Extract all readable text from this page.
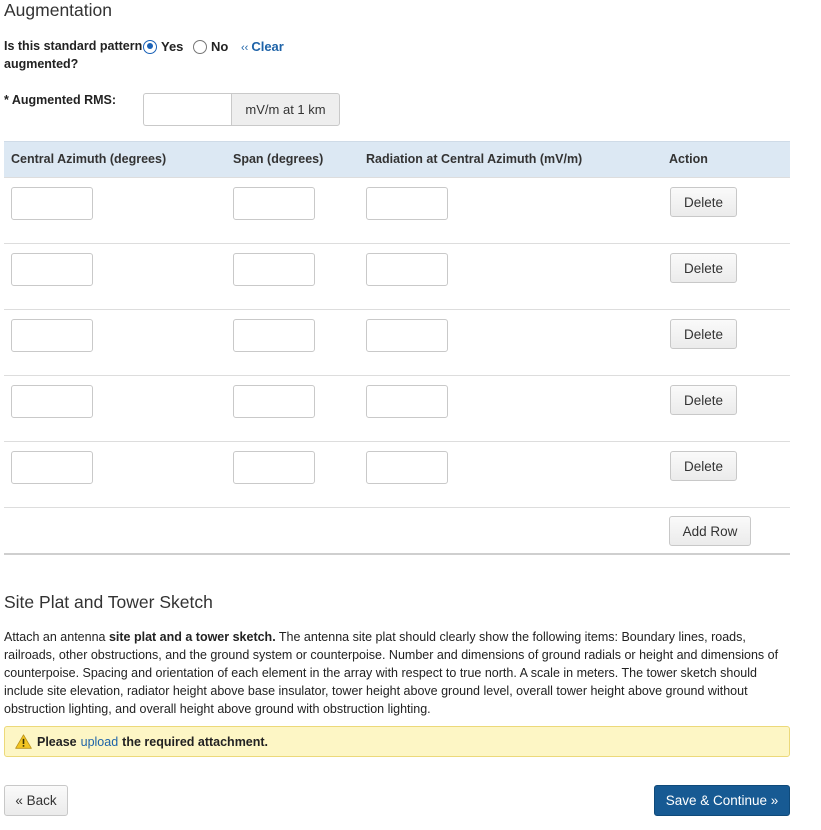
Augmentation
Is this standard pattern augmented?
Yes No ‹‹ Clear
* Augmented RMS:
mV/m at 1 km
Central Azimuth (degrees)	Span (degrees)	Radiation at Central Azimuth (mV/m)	Action
Delete
Delete
Delete
Delete
Delete
Add Row
Site Plat and Tower Sketch
Attach an antenna site plat and a tower sketch. The antenna site plat should clearly show the following items: Boundary lines, roads, railroads, other obstructions, and the ground system or counterpoise. Number and dimensions of ground radials or height and dimensions of counterpoise. Spacing and orientation of each element in the array with respect to true north. A scale in meters. The tower sketch should include site elevation, radiator height above base insulator, tower height above ground level, overall tower height above ground without obstruction lighting, and overall height above ground with obstruction lighting.
Please upload the required attachment.
« Back	Save & Continue »
